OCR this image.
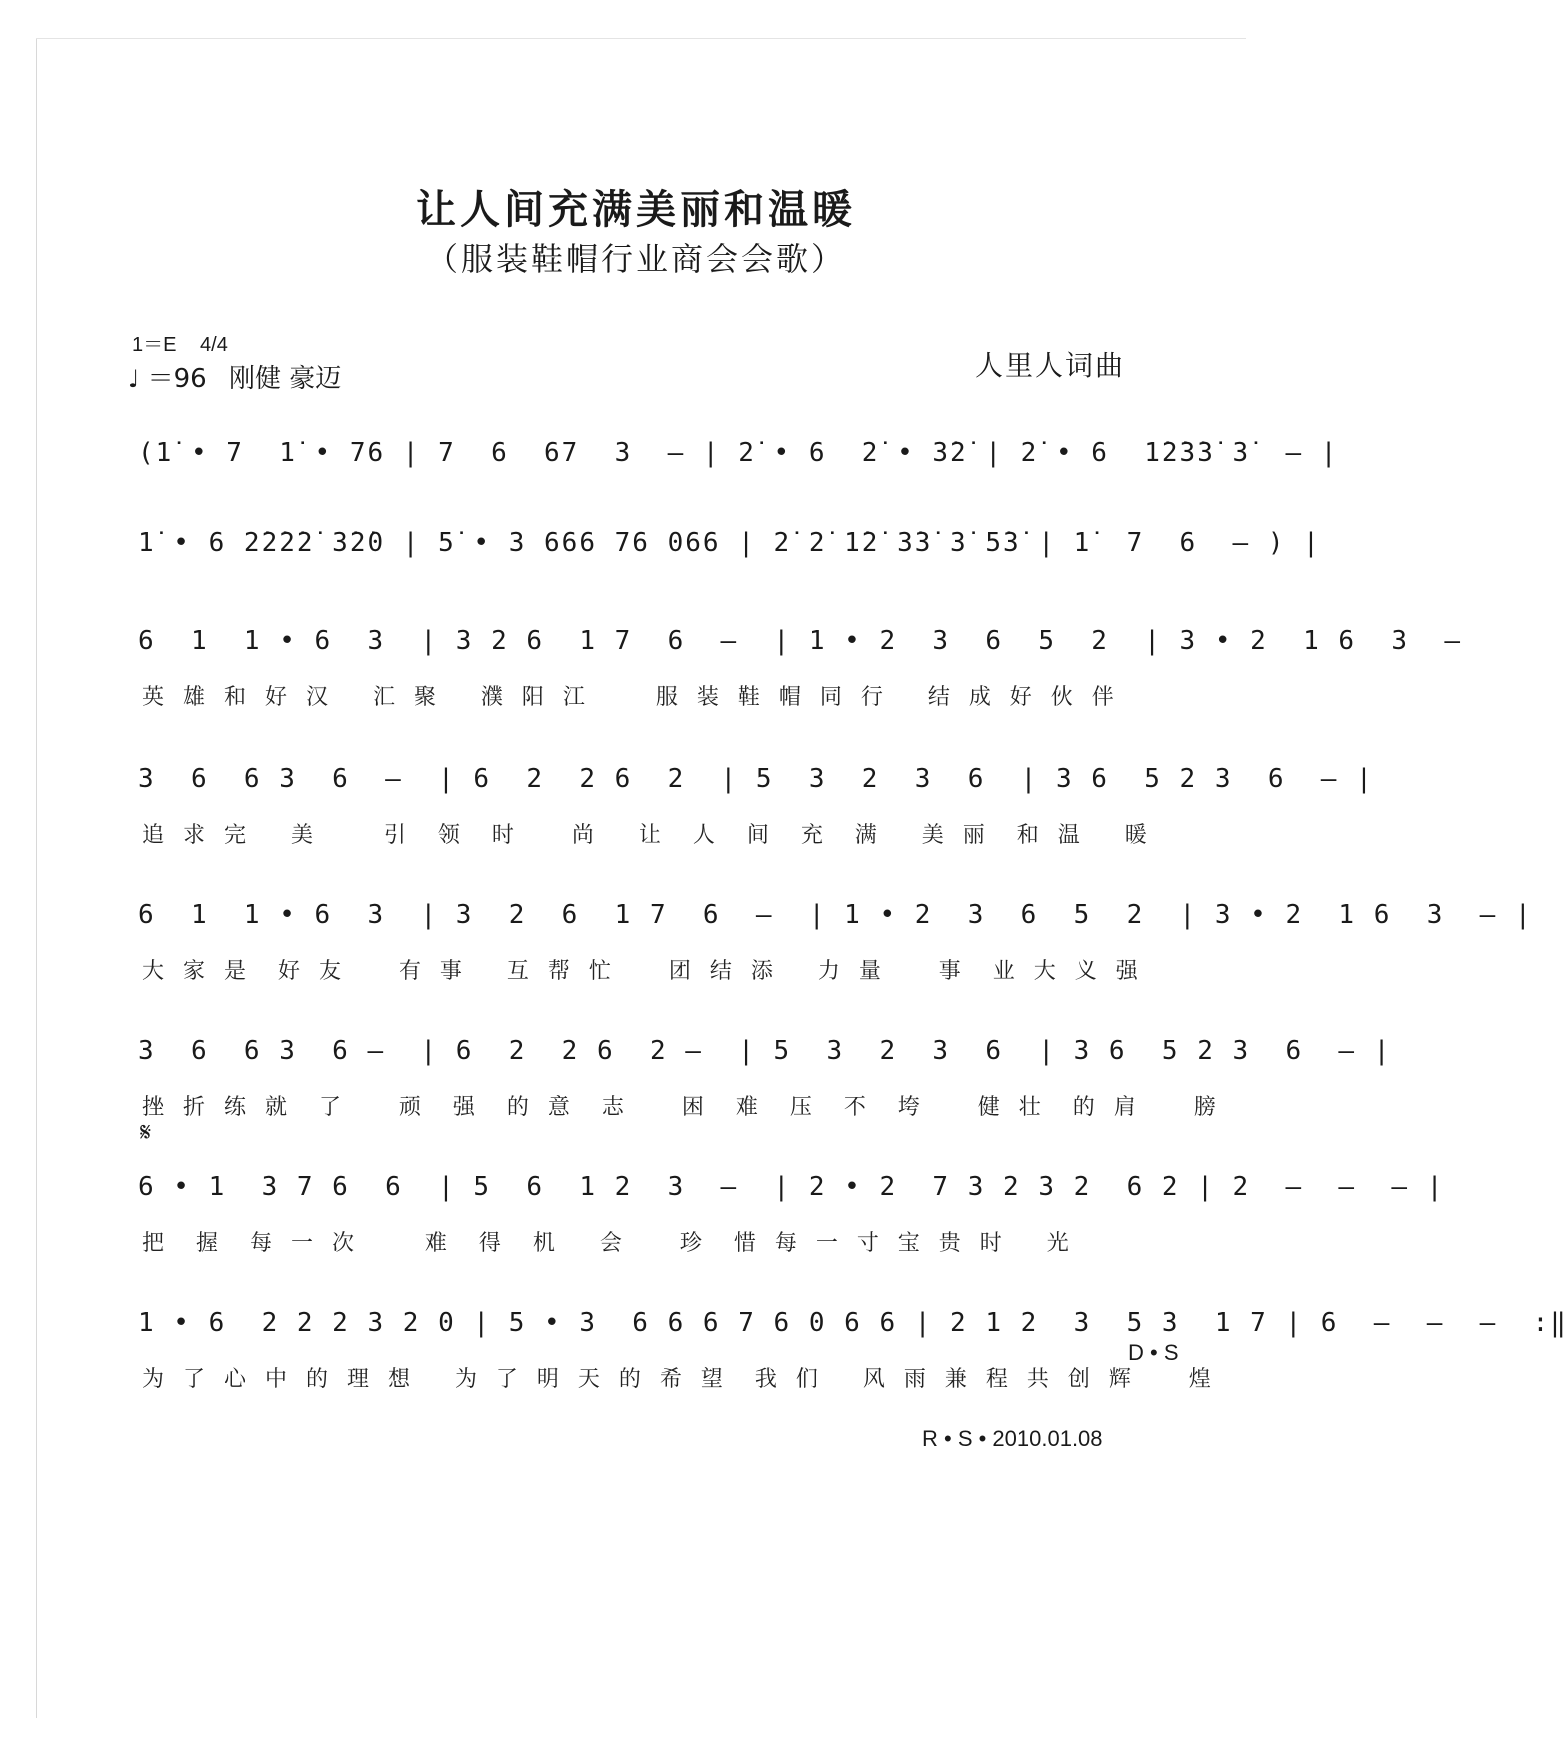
让人间充满美丽和温暖
（服装鞋帽行业商会会歌）
1＝E 4/4
♩ ＝96 刚健 豪迈	人里人词曲
(1̇ • 7  1̇ • 76 | 7  6  67  3  – | 2̇ • 6  2̇ • 3̇2̇ | 2̇ • 6  1̇2̇3̇3̇ 3̇  – |
1̇ • 6 2̇2̇2̇2̇ 3̇2̇0 | 5̇ • 3 666 76 066 | 2̇ 2̇ 1̇2̇ 3̇3̇ 3̇ 5̇3̇ | 1̇  7  6  – ) |
6  1  1 • 6  3  | 3 2 6  1 7  6  –  | 1 • 2  3  6  5  2  | 3 • 2  1 6  3  –
英 雄 和 好 汉   汇 聚   濮 阳 江     服 装 鞋 帽 同 行   结 成 好 伙 伴
3  6  6 3  6  –  | 6  2  2 6  2  | 5  3  2  3  6  | 3 6  5 2 3  6  – |
追 求 完   美     引  领  时    尚   让  人  间  充  满   美 丽  和 温   暖
6  1  1 • 6  3  | 3  2  6  1 7  6  –  | 1 • 2  3  6  5  2  | 3 • 2  1 6  3  – |
大 家 是  好 友    有 事   互 帮 忙    团 结 添   力 量    事  业 大 义 强
3  6  6 3  6 –  | 6  2  2 6  2 –  | 5  3  2  3  6  | 3 6  5 2 3  6  – |
挫 折 练 就  了    顽  强  的 意  志    困  难  压  不  垮    健 壮  的 肩    膀
𝄋
6 • 1  3 7 6  6  | 5  6  1 2  3  –  | 2 • 2  7 3 2 3 2  6 2 | 2  –  –  – |
把  握  每 一 次     难  得  机   会    珍  惜 每 一 寸 宝 贵 时   光
1 • 6  2 2 2 3 2 0 | 5 • 3  6 6 6 7 6 0 6 6 | 2 1 2  3  5 3  1 7 | 6  –  –  –  :‖
为 了 心 中 的 理 想   为 了 明 天 的 希 望  我 们   风 雨 兼 程 共 创 辉    煌
D • S
R • S • 2010.01.08
